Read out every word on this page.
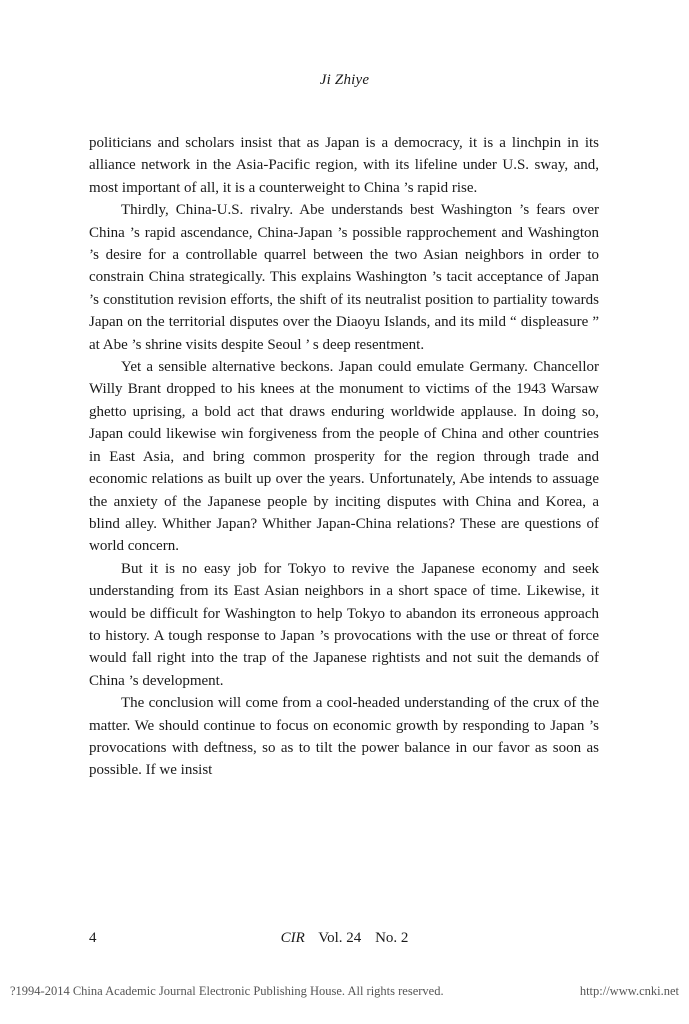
Ji Zhiye

politicians and scholars insist that as Japan is a democracy, it is a linchpin in its alliance network in the Asia-Pacific region, with its lifeline under U.S. sway, and, most important of all, it is a counterweight to China ’s rapid rise.

Thirdly, China-U.S. rivalry. Abe understands best Washington ’s fears over China ’s rapid ascendance, China-Japan ’s possible rapprochement and Washington ’s desire for a controllable quarrel between the two Asian neighbors in order to constrain China strategically. This explains Washington ’s tacit acceptance of Japan ’s constitution revision efforts, the shift of its neutralist position to partiality towards Japan on the territorial disputes over the Diaoyu Islands, and its mild “ displeasure ” at Abe ’s shrine visits despite Seoul ’ s deep resentment.

Yet a sensible alternative beckons. Japan could emulate Germany. Chancellor Willy Brant dropped to his knees at the monument to victims of the 1943 Warsaw ghetto uprising, a bold act that draws enduring worldwide applause. In doing so, Japan could likewise win forgiveness from the people of China and other countries in East Asia, and bring common prosperity for the region through trade and economic relations as built up over the years. Unfortunately, Abe intends to assuage the anxiety of the Japanese people by inciting disputes with China and Korea, a blind alley. Whither Japan? Whither Japan-China relations? These are questions of world concern.

But it is no easy job for Tokyo to revive the Japanese economy and seek understanding from its East Asian neighbors in a short space of time. Likewise, it would be difficult for Washington to help Tokyo to abandon its erroneous approach to history. A tough response to Japan ’s provocations with the use or threat of force would fall right into the trap of the Japanese rightists and not suit the demands of China ’s development.

The conclusion will come from a cool-headed understanding of the crux of the matter. We should continue to focus on economic growth by responding to Japan ’s provocations with deftness, so as to tilt the power balance in our favor as soon as possible. If we insist

4	CIR Vol. 24 No. 2
?1994-2014 China Academic Journal Electronic Publishing House. All rights reserved.	http://www.cnki.net
